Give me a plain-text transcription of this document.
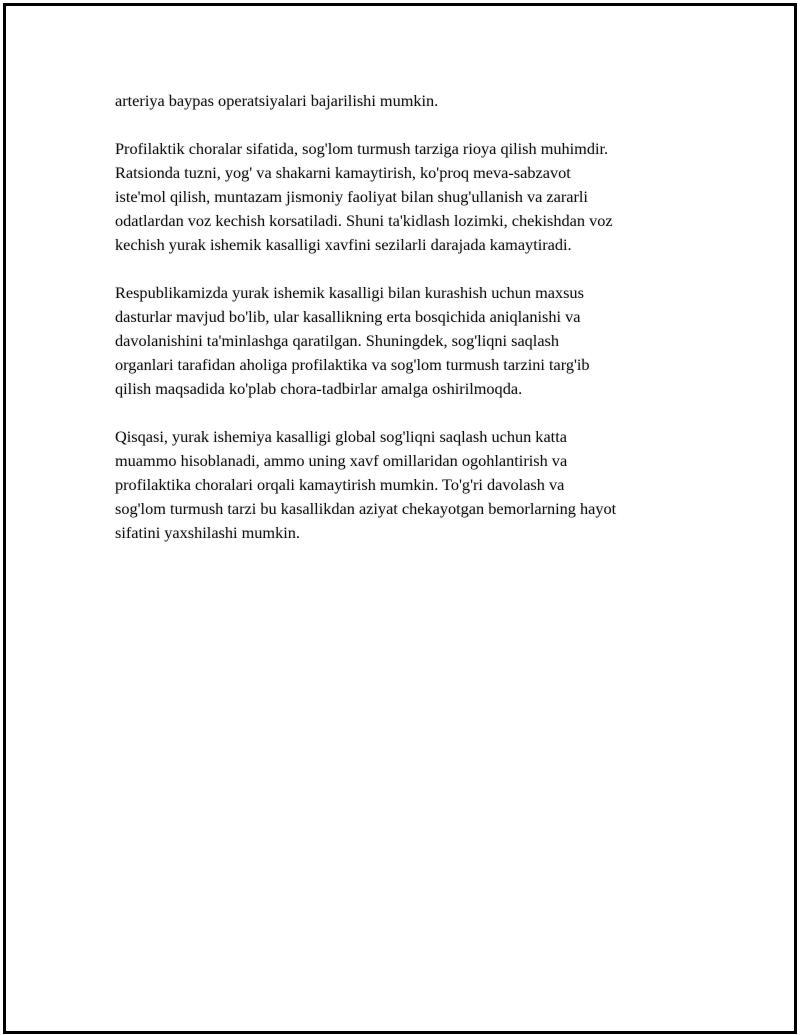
arteriya baypas operatsiyalari bajarilishi mumkin.

Profilaktik choralar sifatida, sog'lom turmush tarziga rioya qilish muhimdir.
Ratsionda tuzni, yog' va shakarni kamaytirish, ko'proq meva-sabzavot
iste'mol qilish, muntazam jismoniy faoliyat bilan shug'ullanish va zararli
odatlardan voz kechish korsatiladi. Shuni ta'kidlash lozimki, chekishdan voz
kechish yurak ishemik kasalligi xavfini sezilarli darajada kamaytiradi.

Respublikamizda yurak ishemik kasalligi bilan kurashish uchun maxsus
dasturlar mavjud bo'lib, ular kasallikning erta bosqichida aniqlanishi va
davolanishini ta'minlashga qaratilgan. Shuningdek, sog'liqni saqlash
organlari tarafidan aholiga profilaktika va sog'lom turmush tarzini targ'ib
qilish maqsadida ko'plab chora-tadbirlar amalga oshirilmoqda.

Qisqasi, yurak ishemiya kasalligi global sog'liqni saqlash uchun katta
muammo hisoblanadi, ammo uning xavf omillaridan ogohlantirish va
profilaktika choralari orqali kamaytirish mumkin. To'g'ri davolash va
sog'lom turmush tarzi bu kasallikdan aziyat chekayotgan bemorlarning hayot
sifatini yaxshilashi mumkin.
